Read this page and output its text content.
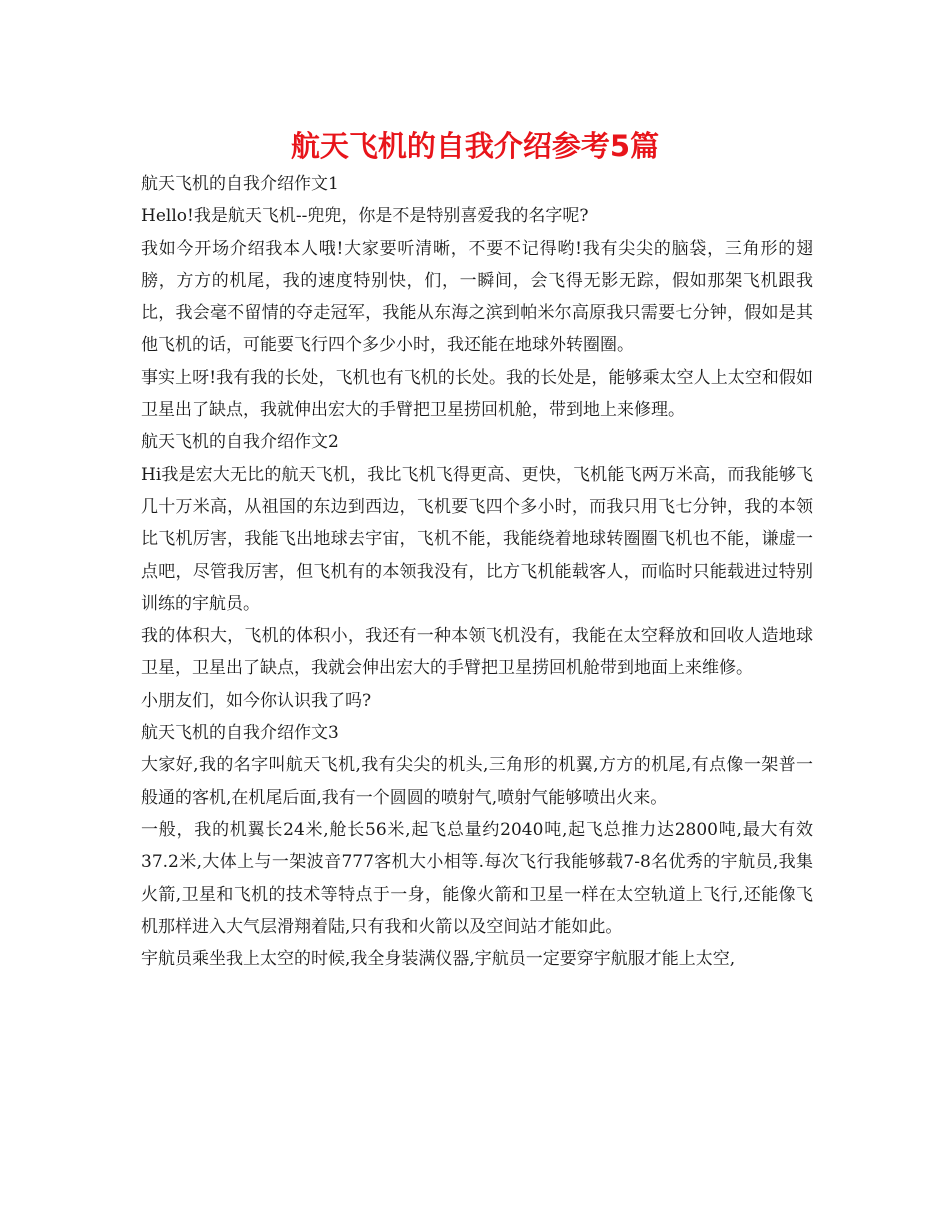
航天飞机的自我介绍参考5篇
航天飞机的自我介绍作文1

Hello!我是航天飞机--兜兜，你是不是特别喜爱我的名字呢?

我如今开场介绍我本人哦!大家要听清晰，不要不记得哟!我有尖尖的脑袋，三角形的翅膀，方方的机尾，我的速度特别快，们，一瞬间，会飞得无影无踪，假如那架飞机跟我比，我会毫不留情的夺走冠军，我能从东海之滨到帕米尔高原我只需要七分钟，假如是其他飞机的话，可能要飞行四个多少小时，我还能在地球外转圈圈。

事实上呀!我有我的长处，飞机也有飞机的长处。我的长处是，能够乘太空人上太空和假如卫星出了缺点，我就伸出宏大的手臂把卫星捞回机舱，带到地上来修理。

航天飞机的自我介绍作文2

Hi我是宏大无比的航天飞机，我比飞机飞得更高、更快，飞机能飞两万米高，而我能够飞几十万米高，从祖国的东边到西边，飞机要飞四个多小时，而我只用飞七分钟，我的本领比飞机厉害，我能飞出地球去宇宙，飞机不能，我能绕着地球转圈圈飞机也不能，谦虚一点吧，尽管我厉害，但飞机有的本领我没有，比方飞机能载客人，而临时只能载进过特别训练的宇航员。

我的体积大，飞机的体积小，我还有一种本领飞机没有，我能在太空释放和回收人造地球卫星，卫星出了缺点，我就会伸出宏大的手臂把卫星捞回机舱带到地面上来维修。

小朋友们，如今你认识我了吗?

航天飞机的自我介绍作文3

大家好,我的名字叫航天飞机,我有尖尖的机头,三角形的机翼,方方的机尾,有点像一架普一般通的客机,在机尾后面,我有一个圆圆的喷射气,喷射气能够喷出火来。

一般，我的机翼长24米,舱长56米,起飞总量约2040吨,起飞总推力达2800吨,最大有效37.2米,大体上与一架波音777客机大小相等.每次飞行我能够载7-8名优秀的宇航员,我集火箭,卫星和飞机的技术等特点于一身，能像火箭和卫星一样在太空轨道上飞行,还能像飞机那样进入大气层滑翔着陆,只有我和火箭以及空间站才能如此。

宇航员乘坐我上太空的时候,我全身装满仪器,宇航员一定要穿宇航服才能上太空,
